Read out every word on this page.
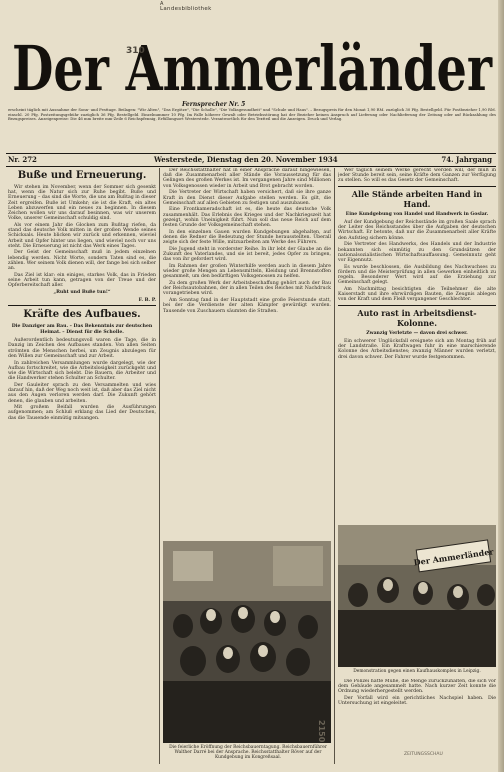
A
Landesbibliothek
Der Ammerländer
310
Fernsprecher Nr. 5
erscheint täglich mit Ausnahme der Sonn- und Festtage. Beilagen: "Wir Alten", "Das Ergötze", "Die Scholle", "Die Volksgesundheit" und "Schule und Haus". – Bezugspreis für den Monat 1,90 RM. zuzüglich 30 Pfg. Bestellgeld. Für Postbezieher 1,90 RM. einschl. 20 Pfg. Postzeitungsgebühr zuzüglich 36 Pfg. Bestellgeld. Einzelnummer 10 Pfg. Im Falle höherer Gewalt oder Betriebsstörung hat der Bezieher keinen Anspruch auf Lieferung oder Nachlieferung der Zeitung oder auf Rückzahlung des Bezugspreises. Anzeigenpreise: Die 46 mm breite mm-Zeile 6 Reichspfennig, Erfüllungsort Westerstede. Verantwortlich für den Textteil und die Anzeigen. Druck und Verlag.
Nr. 272	Westerstede, Dienstag den 20. November 1934	74. Jahrgang
Buße und Erneuerung.

Wir stehen im November, wenn der Sommer sich gesenkt hat, wenn die Natur sich zur Ruhe begibt. Buße und Erneuerung – das sind die Worte, die uns am Bußtag in dieser Zeit ergreifen. Buße ist Umkehr; sie ist die Kraft, ein altes Leben abzuwerfen und ein neues zu beginnen. In diesem Zeichen wollen wir uns darauf besinnen, was wir unserem Volke, unserer Gemeinschaft schuldig sind.

Als vor einem Jahr die Glocken zum Bußtag riefen, da stand das deutsche Volk mitten in der großen Wende seines Schicksals. Heute blicken wir zurück und erkennen, wieviel Arbeit und Opfer hinter uns liegen, und wieviel noch vor uns steht. Die Erneuerung ist nicht das Werk eines Tages.

Der Geist der Gemeinschaft muß in jedem einzelnen lebendig werden. Nicht Worte, sondern Taten sind es, die zählen. Wer seinem Volk dienen will, der fange bei sich selber an.

Das Ziel ist klar: ein einiges, starkes Volk, das in Frieden seine Arbeit tun kann, getragen von der Treue und der Opferbereitschaft aller.

„Ruht und Buße tun!“
F. B. P.
Kräfte des Aufbaues.
Die Danziger am Bau. – Das Bekenntnis zur deutschen Heimat. – Dienst für die Scholle.

Außerordentlich bedeutungsvoll waren die Tage, die in Danzig im Zeichen des Aufbaues standen. Von allen Seiten strömten die Menschen herbei, um Zeugnis abzulegen für den Willen zur Gemeinschaft und zur Arbeit.

In zahlreichen Versammlungen wurde dargelegt, wie der Aufbau fortschreitet, wie die Arbeitslosigkeit zurückgeht und wie die Wirtschaft sich belebt. Die Bauern, die Arbeiter und die Handwerker stehen Schulter an Schulter.

Der Gauleiter sprach zu den Versammelten und wies darauf hin, daß der Weg noch weit ist, daß aber das Ziel nicht aus den Augen verloren werden darf. Die Zukunft gehört denen, die glauben und arbeiten.

Mit großem Beifall wurden die Ausführungen aufgenommen; am Schluß erklang das Lied der Deutschen, das die Tausende einmütig mitsangen.

Der Reichsstatthalter hat in einer Ansprache darauf hingewiesen, daß die Zusammenarbeit aller Stände die Voraussetzung für das Gelingen des großen Werkes ist. Im vergangenen Jahre sind Millionen von Volksgenossen wieder in Arbeit und Brot gebracht worden.

Die Vertreter der Wirtschaft haben versichert, daß sie ihre ganze Kraft in den Dienst dieser Aufgabe stellen werden. Es gilt, die Gemeinschaft auf allen Gebieten zu festigen und auszubauen.

Eine Frontkameradschaft ist es, die heute das deutsche Volk zusammenhält. Das Erlebnis des Krieges und der Nachkriegszeit hat gezeigt, wohin Uneinigkeit führt. Nun soll das neue Reich auf dem festen Grunde der Volksgemeinschaft stehen.

In den einzelnen Gauen wurden Kundgebungen abgehalten, auf denen die Redner die Bedeutung der Stunde herausstellten. Überall zeigte sich der feste Wille, mitzuarbeiten am Werke des Führers.

Die Jugend steht in vorderster Reihe. In ihr lebt der Glaube an die Zukunft des Vaterlandes, und sie ist bereit, jedes Opfer zu bringen, das von ihr gefordert wird.

Im Rahmen der großen Winterhilfe werden auch in diesem Jahre wieder große Mengen an Lebensmitteln, Kleidung und Brennstoffen gesammelt, um den bedürftigen Volksgenossen zu helfen.

Zu dem großen Werk der Arbeitsbeschaffung gehört auch der Bau der Reichsautobahnen, der in allen Teilen des Reiches mit Nachdruck vorangetrieben wird.

Am Sonntag fand in der Hauptstadt eine große Feierstunde statt, bei der die Verdienste der alten Kämpfer gewürdigt wurden. Tausende von Zuschauern säumten die Straßen.

Die feierliche Eröffnung der Reichsbauerntagung. Reichsbauernführer Walther Darré bei der Ansprache. Reichsstatthalter Röver auf der Kundgebung im Kongreßsaal.

Wer täglich seinem Werke gerecht werden will, der muß in jeder Stunde bereit sein, seine Kräfte dem Ganzen zur Verfügung zu stellen. So will es das Gesetz der Gemeinschaft.

Alle Stände arbeiten Hand in Hand.
Eine Kundgebung von Handel und Handwerk in Goslar.

Auf der Kundgebung der Reichsstände im großen Saale sprach der Leiter des Reichsstandes über die Aufgaben der deutschen Wirtschaft. Er betonte, daß nur die Zusammenarbeit aller Kräfte den Aufstieg sichern könne.

Die Vertreter des Handwerks, des Handels und der Industrie bekannten sich einmütig zu den Grundsätzen der nationalsozialistischen Wirtschaftsauffassung. Gemeinnutz geht vor Eigennutz.

Es wurde beschlossen, die Ausbildung des Nachwuchses zu fördern und die Meisterprüfung in allen Gewerken einheitlich zu regeln. Besonderer Wert wird auf die Erziehung zur Gemeinschaft gelegt.

Am Nachmittag besichtigten die Teilnehmer die alte Kaiserstadt und ihre ehrwürdigen Bauten, die Zeugnis ablegen von der Kraft und dem Fleiß vergangener Geschlechter.

Auto rast in Arbeitsdienst-Kolonne.
Zwanzig Verletzte — davon drei schwer.

Ein schwerer Unglücksfall ereignete sich am Montag früh auf der Landstraße. Ein Kraftwagen fuhr in eine marschierende Kolonne des Arbeitsdienstes; zwanzig Männer wurden verletzt, drei davon schwer. Der Fahrer wurde festgenommen.

Der Ammerländer
Demonstration gegen einen Kaufhauskomplex in Leipzig.

Die Polizei hatte Mühe, die Menge zurückzuhalten, die sich vor dem Gebäude angesammelt hatte. Nach kurzer Zeit konnte die Ordnung wiederhergestellt werden.

Der Vorfall wird ein gerichtliches Nachspiel haben. Die Untersuchung ist eingeleitet.

2150
ZEITUNGSSCHAU
